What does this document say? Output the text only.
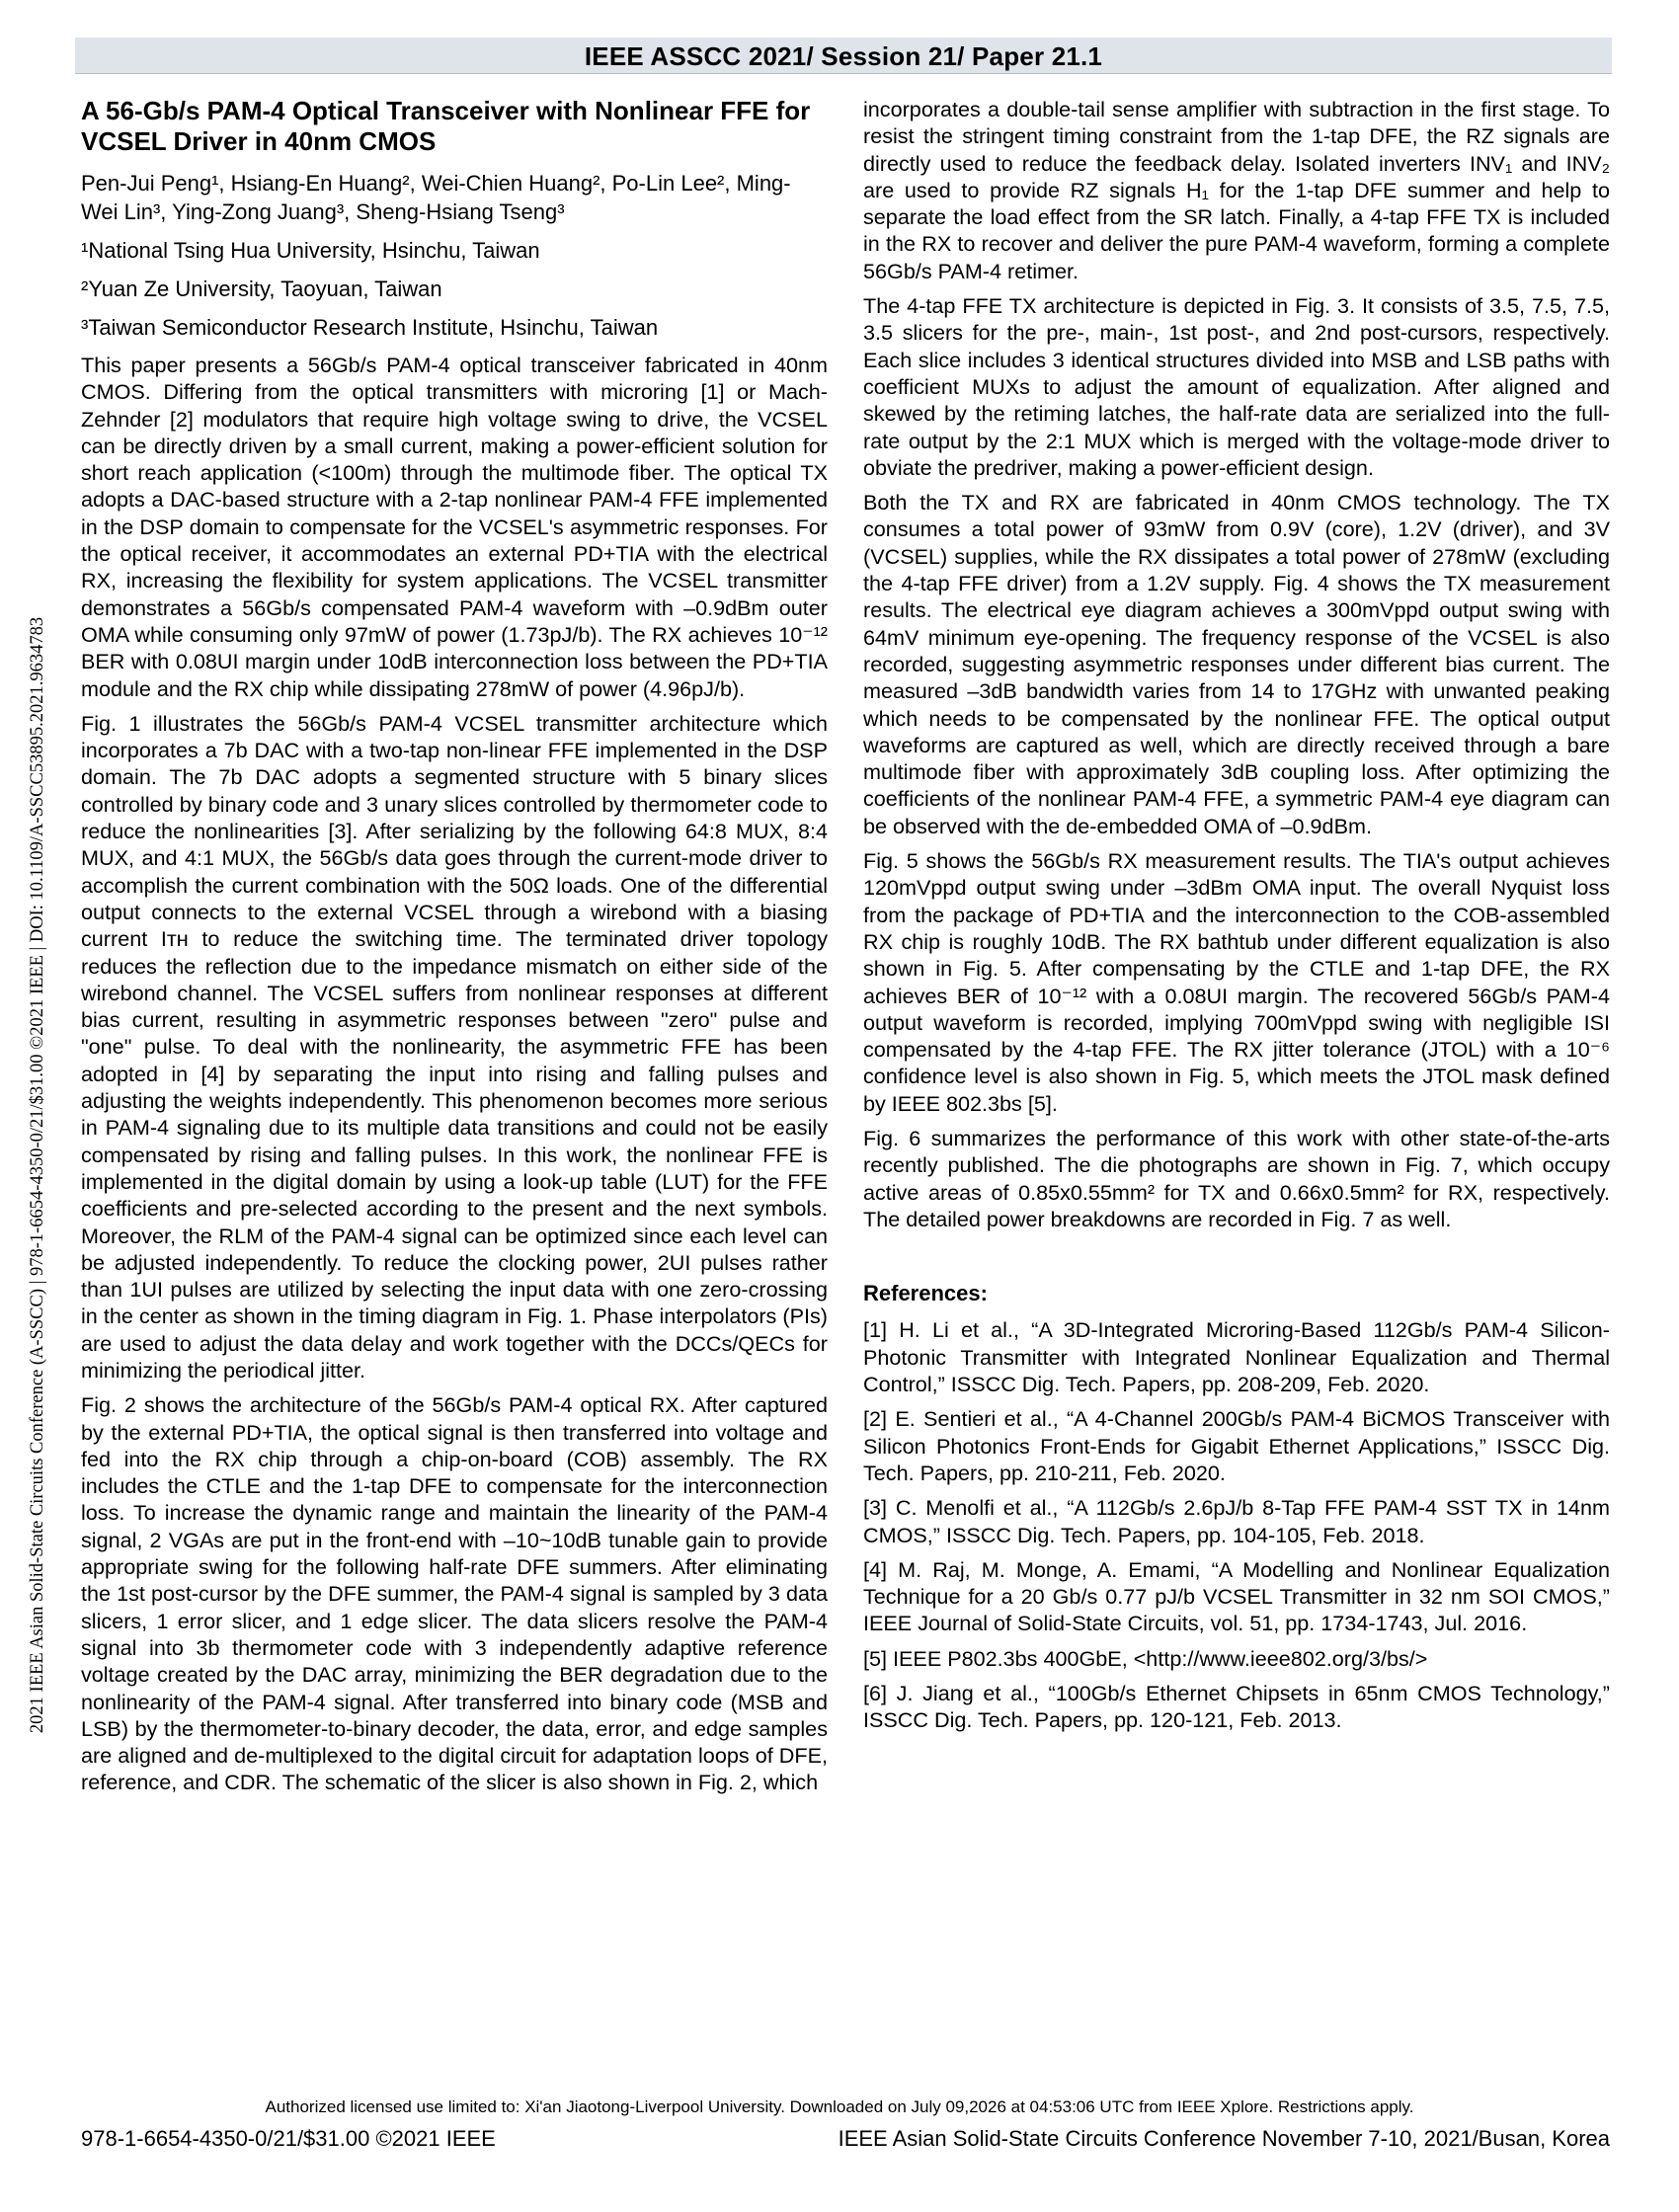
IEEE ASSCC 2021/ Session 21/ Paper 21.1
2021 IEEE Asian Solid-State Circuits Conference (A-SSCC) | 978-1-6654-4350-0/21/$31.00 ©2021 IEEE | DOI: 10.1109/A-SSCC53895.2021.9634783
A 56-Gb/s PAM-4 Optical Transceiver with Nonlinear FFE for VCSEL Driver in 40nm CMOS
Pen-Jui Peng¹, Hsiang-En Huang², Wei-Chien Huang², Po-Lin Lee², Ming-Wei Lin³, Ying-Zong Juang³, Sheng-Hsiang Tseng³
¹National Tsing Hua University, Hsinchu, Taiwan
²Yuan Ze University, Taoyuan, Taiwan
³Taiwan Semiconductor Research Institute, Hsinchu, Taiwan

This paper presents a 56Gb/s PAM-4 optical transceiver fabricated in 40nm CMOS. Differing from the optical transmitters with microring [1] or Mach-Zehnder [2] modulators that require high voltage swing to drive, the VCSEL can be directly driven by a small current, making a power-efficient solution for short reach application (<100m) through the multimode fiber. The optical TX adopts a DAC-based structure with a 2-tap nonlinear PAM-4 FFE implemented in the DSP domain to compensate for the VCSEL's asymmetric responses. For the optical receiver, it accommodates an external PD+TIA with the electrical RX, increasing the flexibility for system applications. The VCSEL transmitter demonstrates a 56Gb/s compensated PAM-4 waveform with –0.9dBm outer OMA while consuming only 97mW of power (1.73pJ/b). The RX achieves 10⁻¹² BER with 0.08UI margin under 10dB interconnection loss between the PD+TIA module and the RX chip while dissipating 278mW of power (4.96pJ/b).

Fig. 1 illustrates the 56Gb/s PAM-4 VCSEL transmitter architecture which incorporates a 7b DAC with a two-tap non-linear FFE implemented in the DSP domain. The 7b DAC adopts a segmented structure with 5 binary slices controlled by binary code and 3 unary slices controlled by thermometer code to reduce the nonlinearities [3]. After serializing by the following 64:8 MUX, 8:4 MUX, and 4:1 MUX, the 56Gb/s data goes through the current-mode driver to accomplish the current combination with the 50Ω loads. One of the differential output connects to the external VCSEL through a wirebond with a biasing current Iᴛʜ to reduce the switching time. The terminated driver topology reduces the reflection due to the impedance mismatch on either side of the wirebond channel. The VCSEL suffers from nonlinear responses at different bias current, resulting in asymmetric responses between "zero" pulse and "one" pulse. To deal with the nonlinearity, the asymmetric FFE has been adopted in [4] by separating the input into rising and falling pulses and adjusting the weights independently. This phenomenon becomes more serious in PAM-4 signaling due to its multiple data transitions and could not be easily compensated by rising and falling pulses. In this work, the nonlinear FFE is implemented in the digital domain by using a look-up table (LUT) for the FFE coefficients and pre-selected according to the present and the next symbols. Moreover, the RLM of the PAM-4 signal can be optimized since each level can be adjusted independently. To reduce the clocking power, 2UI pulses rather than 1UI pulses are utilized by selecting the input data with one zero-crossing in the center as shown in the timing diagram in Fig. 1. Phase interpolators (PIs) are used to adjust the data delay and work together with the DCCs/QECs for minimizing the periodical jitter.

Fig. 2 shows the architecture of the 56Gb/s PAM-4 optical RX. After captured by the external PD+TIA, the optical signal is then transferred into voltage and fed into the RX chip through a chip-on-board (COB) assembly. The RX includes the CTLE and the 1-tap DFE to compensate for the interconnection loss. To increase the dynamic range and maintain the linearity of the PAM-4 signal, 2 VGAs are put in the front-end with –10~10dB tunable gain to provide appropriate swing for the following half-rate DFE summers. After eliminating the 1st post-cursor by the DFE summer, the PAM-4 signal is sampled by 3 data slicers, 1 error slicer, and 1 edge slicer. The data slicers resolve the PAM-4 signal into 3b thermometer code with 3 independently adaptive reference voltage created by the DAC array, minimizing the BER degradation due to the nonlinearity of the PAM-4 signal. After transferred into binary code (MSB and LSB) by the thermometer-to-binary decoder, the data, error, and edge samples are aligned and de-multiplexed to the digital circuit for adaptation loops of DFE, reference, and CDR. The schematic of the slicer is also shown in Fig. 2, which

incorporates a double-tail sense amplifier with subtraction in the first stage. To resist the stringent timing constraint from the 1-tap DFE, the RZ signals are directly used to reduce the feedback delay. Isolated inverters INV₁ and INV₂ are used to provide RZ signals H₁ for the 1-tap DFE summer and help to separate the load effect from the SR latch. Finally, a 4-tap FFE TX is included in the RX to recover and deliver the pure PAM-4 waveform, forming a complete 56Gb/s PAM-4 retimer.

The 4-tap FFE TX architecture is depicted in Fig. 3. It consists of 3.5, 7.5, 7.5, 3.5 slicers for the pre-, main-, 1st post-, and 2nd post-cursors, respectively. Each slice includes 3 identical structures divided into MSB and LSB paths with coefficient MUXs to adjust the amount of equalization. After aligned and skewed by the retiming latches, the half-rate data are serialized into the full-rate output by the 2:1 MUX which is merged with the voltage-mode driver to obviate the predriver, making a power-efficient design.

Both the TX and RX are fabricated in 40nm CMOS technology. The TX consumes a total power of 93mW from 0.9V (core), 1.2V (driver), and 3V (VCSEL) supplies, while the RX dissipates a total power of 278mW (excluding the 4-tap FFE driver) from a 1.2V supply. Fig. 4 shows the TX measurement results. The electrical eye diagram achieves a 300mVppd output swing with 64mV minimum eye-opening. The frequency response of the VCSEL is also recorded, suggesting asymmetric responses under different bias current. The measured –3dB bandwidth varies from 14 to 17GHz with unwanted peaking which needs to be compensated by the nonlinear FFE. The optical output waveforms are captured as well, which are directly received through a bare multimode fiber with approximately 3dB coupling loss. After optimizing the coefficients of the nonlinear PAM-4 FFE, a symmetric PAM-4 eye diagram can be observed with the de-embedded OMA of –0.9dBm.

Fig. 5 shows the 56Gb/s RX measurement results. The TIA's output achieves 120mVppd output swing under –3dBm OMA input. The overall Nyquist loss from the package of PD+TIA and the interconnection to the COB-assembled RX chip is roughly 10dB. The RX bathtub under different equalization is also shown in Fig. 5. After compensating by the CTLE and 1-tap DFE, the RX achieves BER of 10⁻¹² with a 0.08UI margin. The recovered 56Gb/s PAM-4 output waveform is recorded, implying 700mVppd swing with negligible ISI compensated by the 4-tap FFE. The RX jitter tolerance (JTOL) with a 10⁻⁶ confidence level is also shown in Fig. 5, which meets the JTOL mask defined by IEEE 802.3bs [5].

Fig. 6 summarizes the performance of this work with other state-of-the-arts recently published. The die photographs are shown in Fig. 7, which occupy active areas of 0.85x0.55mm² for TX and 0.66x0.5mm² for RX, respectively. The detailed power breakdowns are recorded in Fig. 7 as well.

References:

[1] H. Li et al., “A 3D-Integrated Microring-Based 112Gb/s PAM-4 Silicon-Photonic Transmitter with Integrated Nonlinear Equalization and Thermal Control,” ISSCC Dig. Tech. Papers, pp. 208-209, Feb. 2020.

[2] E. Sentieri et al., “A 4-Channel 200Gb/s PAM-4 BiCMOS Transceiver with Silicon Photonics Front-Ends for Gigabit Ethernet Applications,” ISSCC Dig. Tech. Papers, pp. 210-211, Feb. 2020.

[3] C. Menolfi et al., “A 112Gb/s 2.6pJ/b 8-Tap FFE PAM-4 SST TX in 14nm CMOS,” ISSCC Dig. Tech. Papers, pp. 104-105, Feb. 2018.

[4] M. Raj, M. Monge, A. Emami, “A Modelling and Nonlinear Equalization Technique for a 20 Gb/s 0.77 pJ/b VCSEL Transmitter in 32 nm SOI CMOS,” IEEE Journal of Solid-State Circuits, vol. 51, pp. 1734-1743, Jul. 2016.

[5] IEEE P802.3bs 400GbE, <http://www.ieee802.org/3/bs/>

[6] J. Jiang et al., “100Gb/s Ethernet Chipsets in 65nm CMOS Technology,” ISSCC Dig. Tech. Papers, pp. 120-121, Feb. 2013.

Authorized licensed use limited to: Xi'an Jiaotong-Liverpool University. Downloaded on July 09,2026 at 04:53:06 UTC from IEEE Xplore. Restrictions apply.
978-1-6654-4350-0/21/$31.00 ©2021 IEEE	IEEE Asian Solid-State Circuits Conference November 7-10, 2021/Busan, Korea
